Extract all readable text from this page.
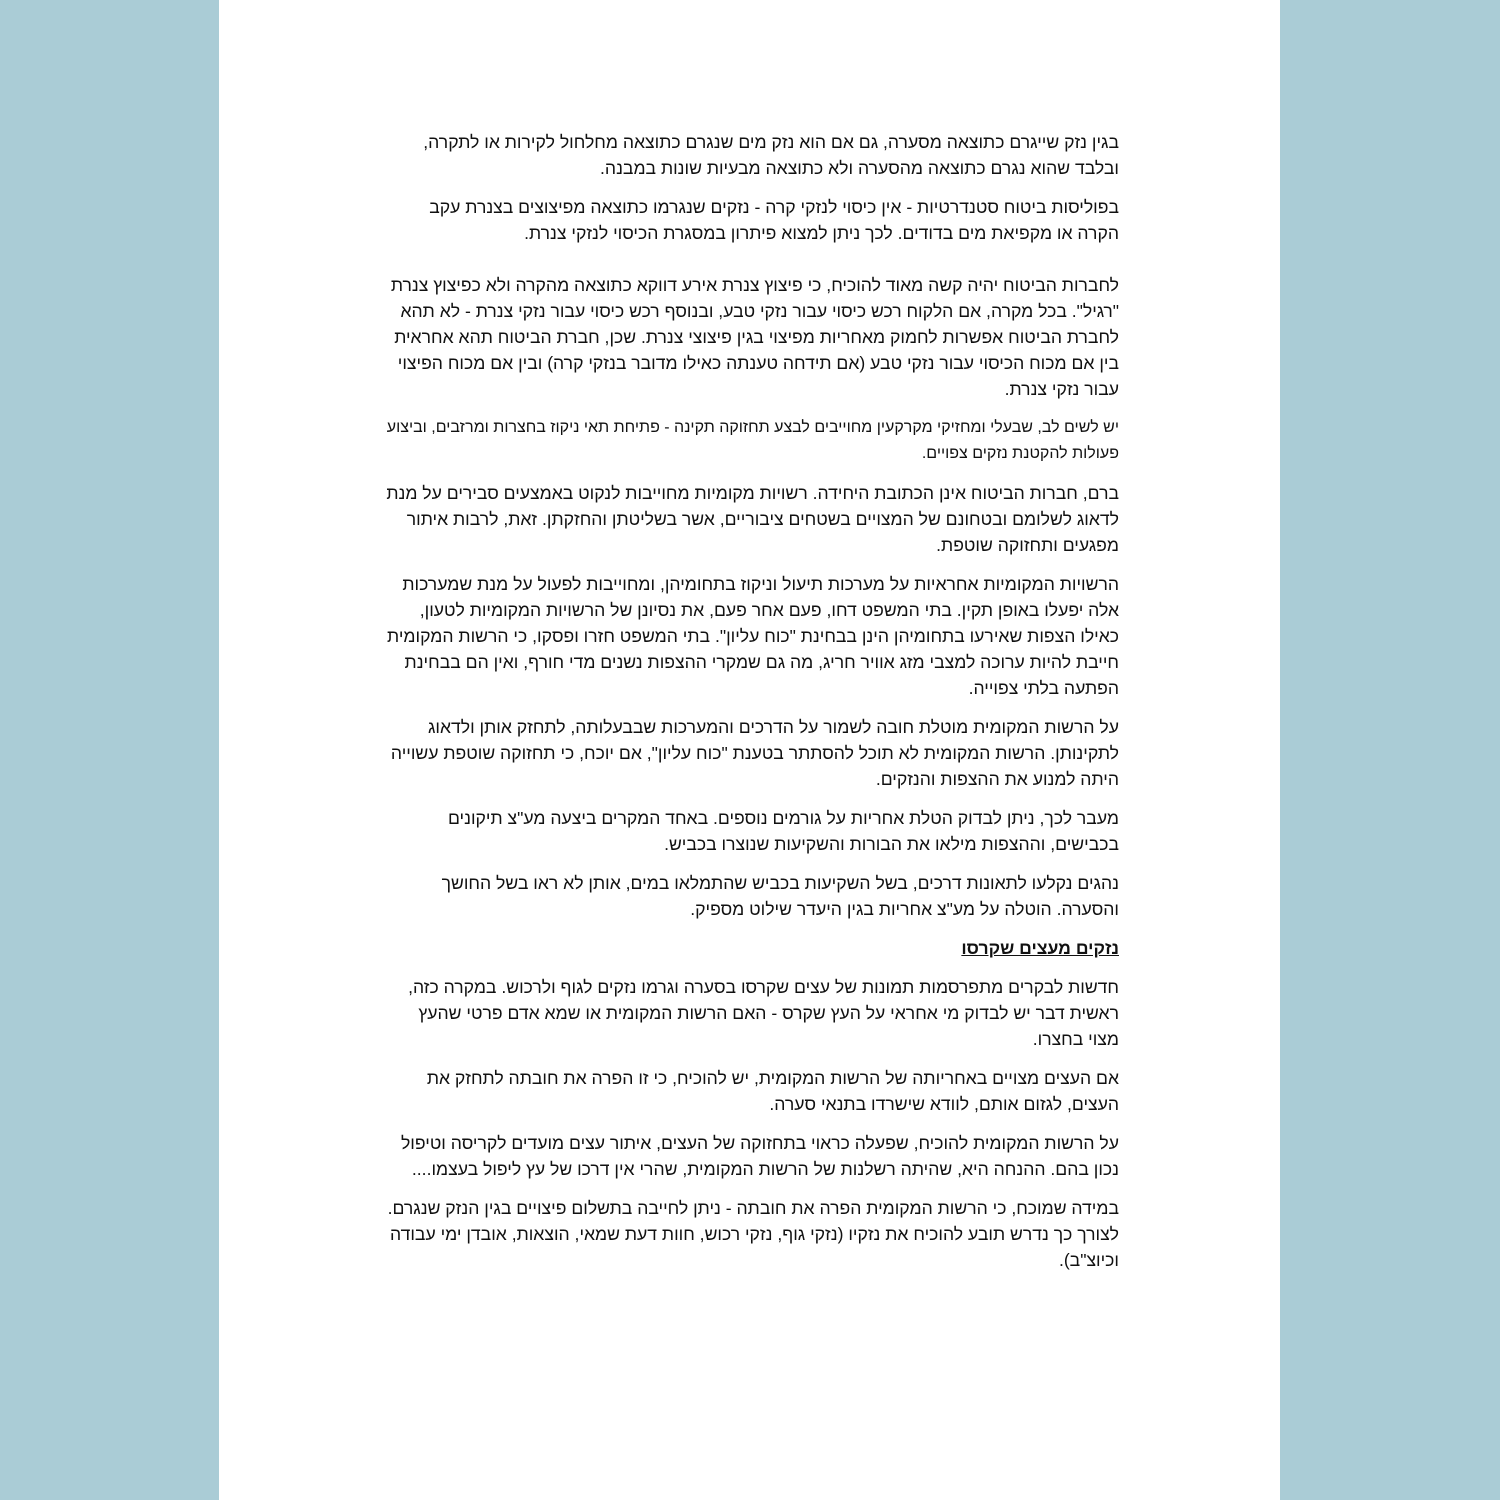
בגין נזק שייגרם כתוצאה מסערה, גם אם הוא נזק מים שנגרם כתוצאה מחלחול לקירות או לתקרה, ובלבד שהוא נגרם כתוצאה מהסערה ולא כתוצאה מבעיות שונות במבנה.

בפוליסות ביטוח סטנדרטיות - אין כיסוי לנזקי קרה - נזקים שנגרמו כתוצאה מפיצוצים בצנרת עקב הקרה או מקפיאת מים בדודים. לכך ניתן למצוא פיתרון במסגרת הכיסוי לנזקי צנרת.

לחברות הביטוח יהיה קשה מאוד להוכיח, כי פיצוץ צנרת אירע דווקא כתוצאה מהקרה ולא כפיצוץ צנרת "רגיל". בכל מקרה, אם הלקוח רכש כיסוי עבור נזקי טבע, ובנוסף רכש כיסוי עבור נזקי צנרת - לא תהא לחברת הביטוח אפשרות לחמוק מאחריות מפיצוי בגין פיצוצי צנרת. שכן, חברת הביטוח תהא אחראית בין אם מכוח הכיסוי עבור נזקי טבע (אם תידחה טענתה כאילו מדובר בנזקי קרה) ובין אם מכוח הפיצוי עבור נזקי צנרת.

יש לשים לב, שבעלי ומחזיקי מקרקעין מחוייבים לבצע תחזוקה תקינה - פתיחת תאי ניקוז בחצרות ומרזבים, וביצוע פעולות להקטנת נזקים צפויים.

ברם, חברות הביטוח אינן הכתובת היחידה. רשויות מקומיות מחוייבות לנקוט באמצעים סבירים על מנת לדאוג לשלומם ובטחונם של המצויים בשטחים ציבוריים, אשר בשליטתן והחזקתן. זאת, לרבות איתור מפגעים ותחזוקה שוטפת.

הרשויות המקומיות אחראיות על מערכות תיעול וניקוז בתחומיהן, ומחוייבות לפעול על מנת שמערכות אלה יפעלו באופן תקין. בתי המשפט דחו, פעם אחר פעם, את נסיונן של הרשויות המקומיות לטעון, כאילו הצפות שאירעו בתחומיהן הינן בבחינת "כוח עליון". בתי המשפט חזרו ופסקו, כי הרשות המקומית חייבת להיות ערוכה למצבי מזג אוויר חריג, מה גם שמקרי ההצפות נשנים מדי חורף, ואין הם בבחינת הפתעה בלתי צפוייה.

על הרשות המקומית מוטלת חובה לשמור על הדרכים והמערכות שבבעלותה, לתחזק אותן ולדאוג לתקינותן. הרשות המקומית לא תוכל להסתתר בטענת "כוח עליון", אם יוכח, כי תחזוקה שוטפת עשוייה היתה למנוע את ההצפות והנזקים.

מעבר לכך, ניתן לבדוק הטלת אחריות על גורמים נוספים. באחד המקרים ביצעה מע"צ תיקונים בכבישים, וההצפות מילאו את הבורות והשקיעות שנוצרו בכביש.

נהגים נקלעו לתאונות דרכים, בשל השקיעות בכביש שהתמלאו במים, אותן לא ראו בשל החושך והסערה. הוטלה על מע"צ אחריות בגין היעדר שילוט מספיק.

נזקים מעצים שקרסו

חדשות לבקרים מתפרסמות תמונות של עצים שקרסו בסערה וגרמו נזקים לגוף ולרכוש. במקרה כזה, ראשית דבר יש לבדוק מי אחראי על העץ שקרס - האם הרשות המקומית או שמא אדם פרטי שהעץ מצוי בחצרו.

אם העצים מצויים באחריותה של הרשות המקומית, יש להוכיח, כי זו הפרה את חובתה לתחזק את העצים, לגזום אותם, לוודא שישרדו בתנאי סערה.

על הרשות המקומית להוכיח, שפעלה כראוי בתחזוקה של העצים, איתור עצים מועדים לקריסה וטיפול נכון בהם. ההנחה היא, שהיתה רשלנות של הרשות המקומית, שהרי אין דרכו של עץ ליפול בעצמו....

במידה שמוכח, כי הרשות המקומית הפרה את חובתה - ניתן לחייבה בתשלום פיצויים בגין הנזק שנגרם. לצורך כך נדרש תובע להוכיח את נזקיו (נזקי גוף, נזקי רכוש, חוות דעת שמאי, הוצאות, אובדן ימי עבודה וכיוצ"ב).
